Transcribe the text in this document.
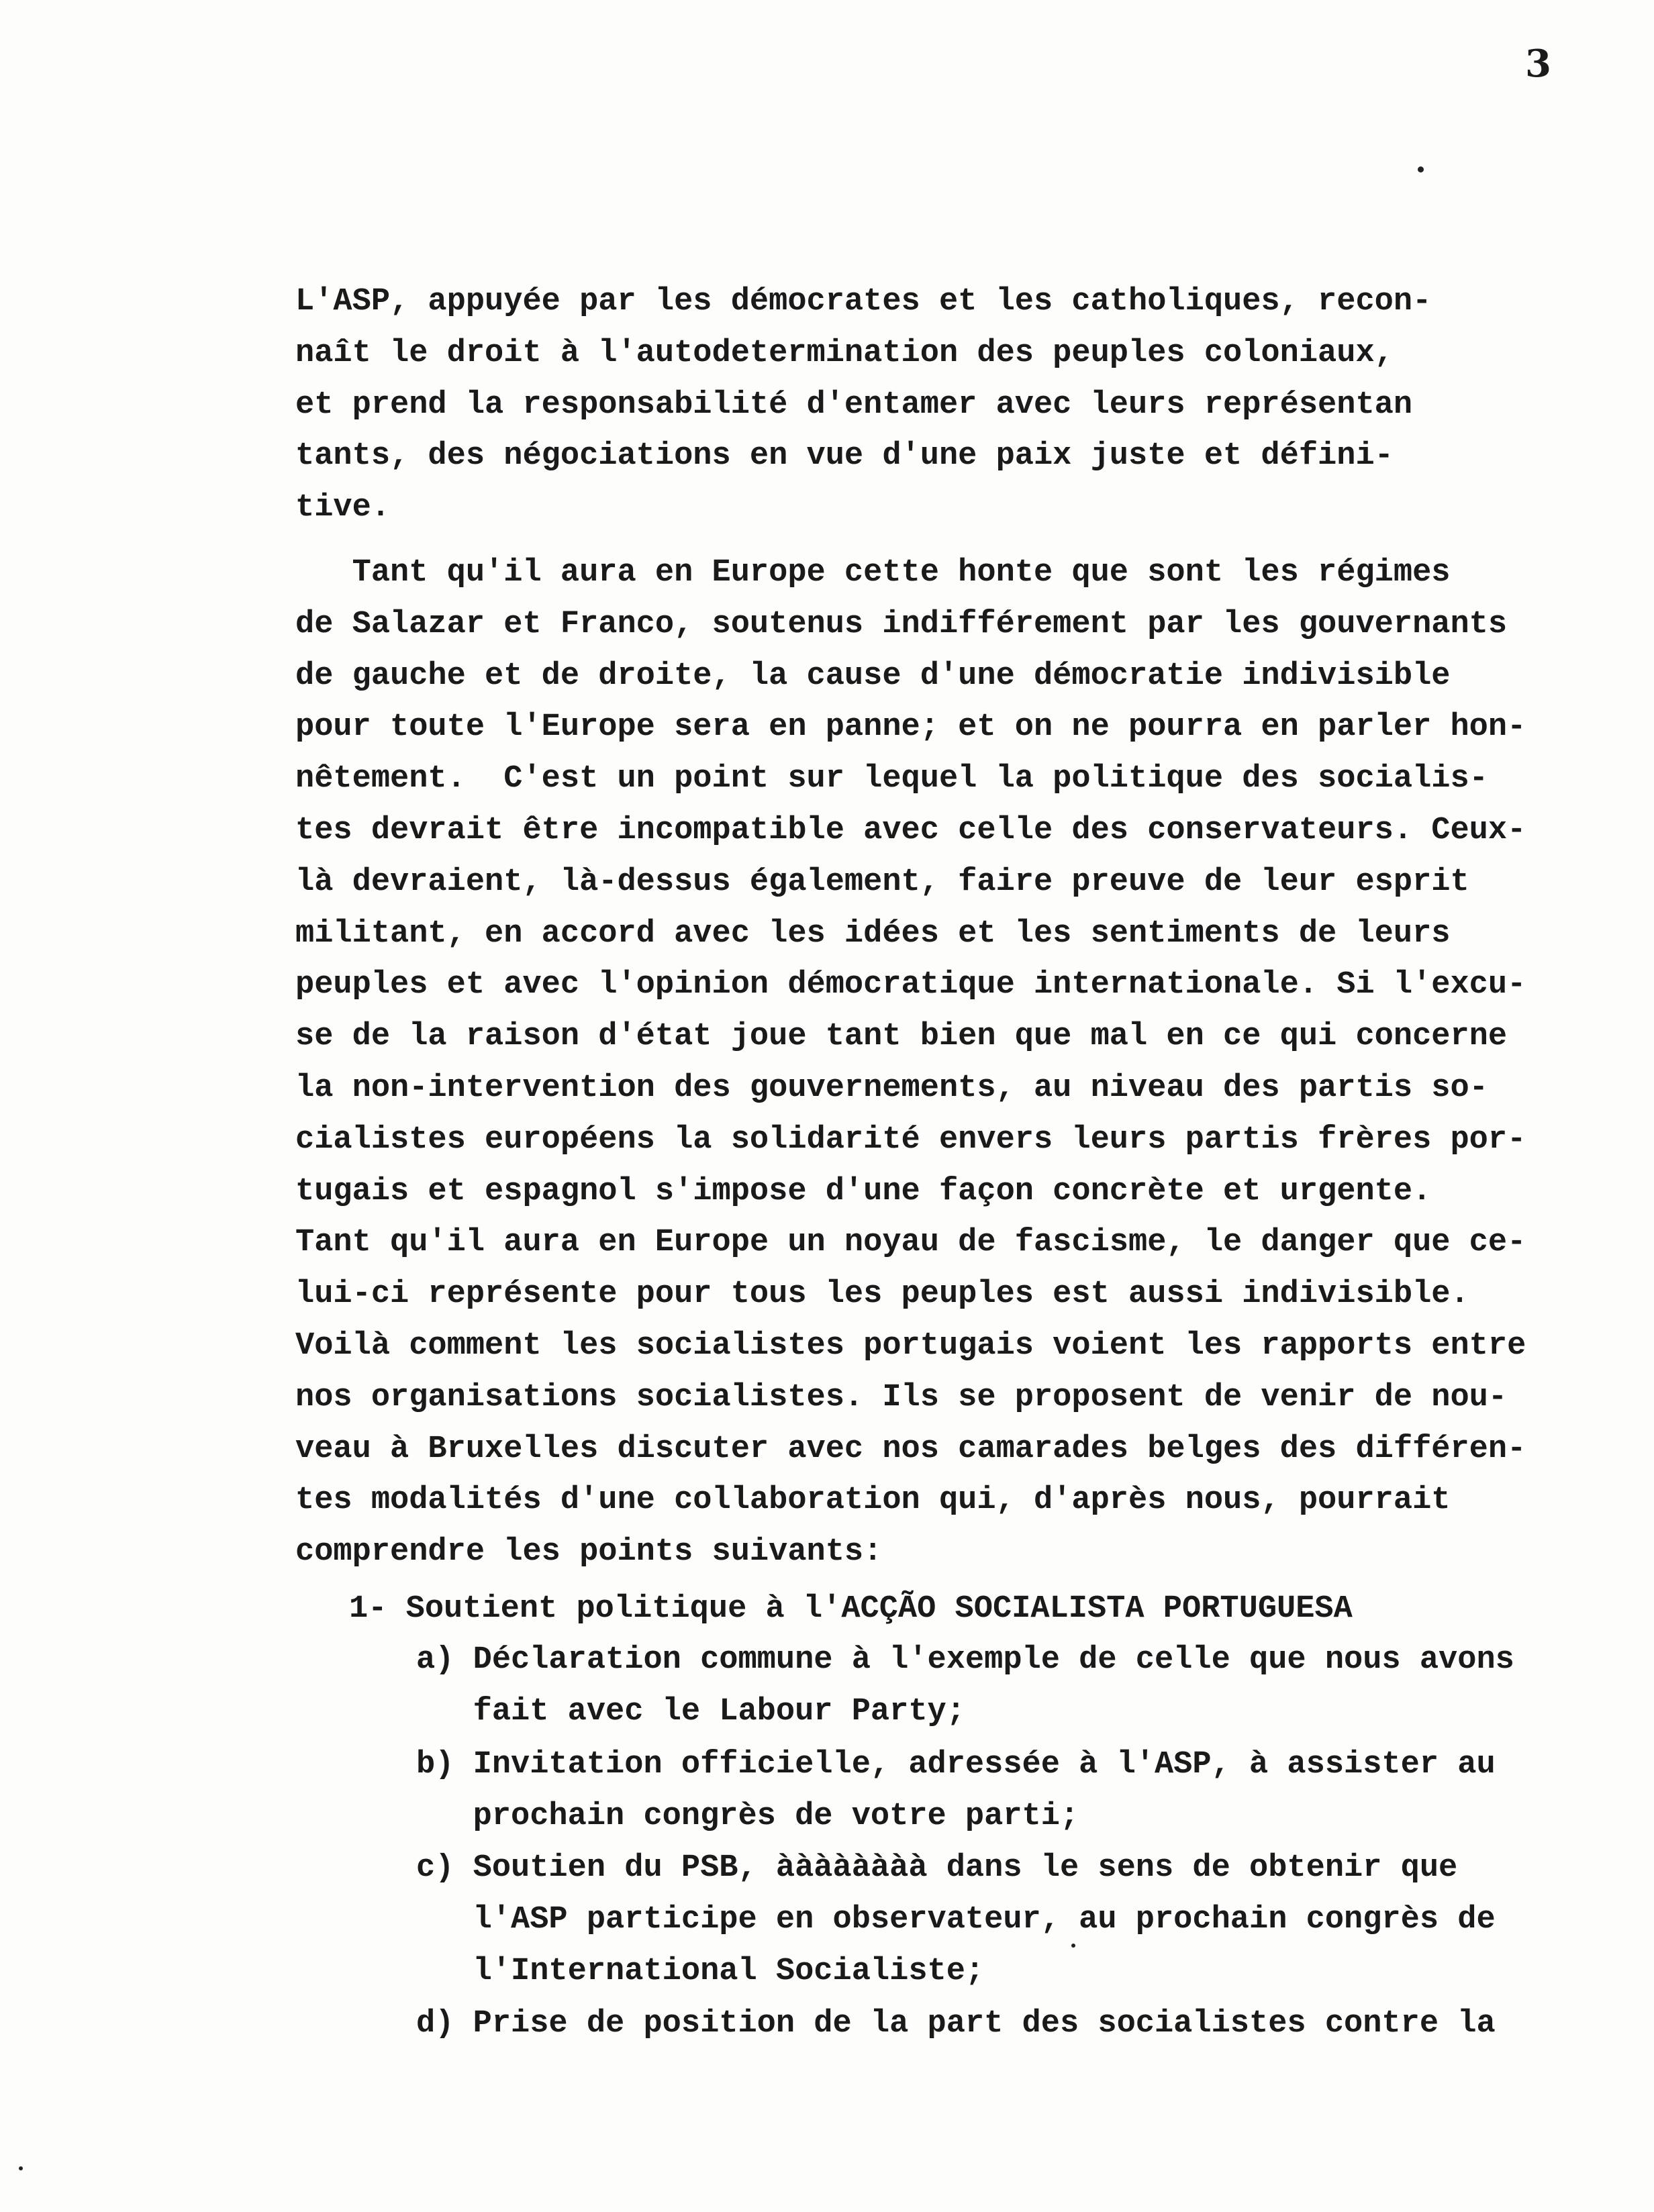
3
L'ASP, appuyée par les démocrates et les catholiques, recon-
naît le droit à l'autodetermination des peuples coloniaux,
et prend la responsabilité d'entamer avec leurs représentan
tants, des négociations en vue d'une paix juste et défini-
tive.
Tant qu'il aura en Europe cette honte que sont les régimes
de Salazar et Franco, soutenus indifférement par les gouvernants
de gauche et de droite, la cause d'une démocratie indivisible
pour toute l'Europe sera en panne; et on ne pourra en parler hon-
nêtement.  C'est un point sur lequel la politique des socialis-
tes devrait être incompatible avec celle des conservateurs. Ceux-
là devraient, là-dessus également, faire preuve de leur esprit
militant, en accord avec les idées et les sentiments de leurs
peuples et avec l'opinion démocratique internationale. Si l'excu-
se de la raison d'état joue tant bien que mal en ce qui concerne
la non-intervention des gouvernements, au niveau des partis so-
cialistes européens la solidarité envers leurs partis frères por-
tugais et espagnol s'impose d'une façon concrète et urgente.
Tant qu'il aura en Europe un noyau de fascisme, le danger que ce-
lui-ci représente pour tous les peuples est aussi indivisible.
Voilà comment les socialistes portugais voient les rapports entre
nos organisations socialistes. Ils se proposent de venir de nou-
veau à Bruxelles discuter avec nos camarades belges des différen-
tes modalités d'une collaboration qui, d'après nous, pourrait
comprendre les points suivants:
1- Soutient politique à l'ACÇÃO SOCIALISTA PORTUGUESA
a) Déclaration commune à l'exemple de celle que nous avons
fait avec le Labour Party;
b) Invitation officielle, adressée à l'ASP, à assister au
prochain congrès de votre parti;
c) Soutien du PSB, àààààààà dans le sens de obtenir que
l'ASP participe en observateur, au prochain congrès de
l'International Socialiste;
d) Prise de position de la part des socialistes contre la
